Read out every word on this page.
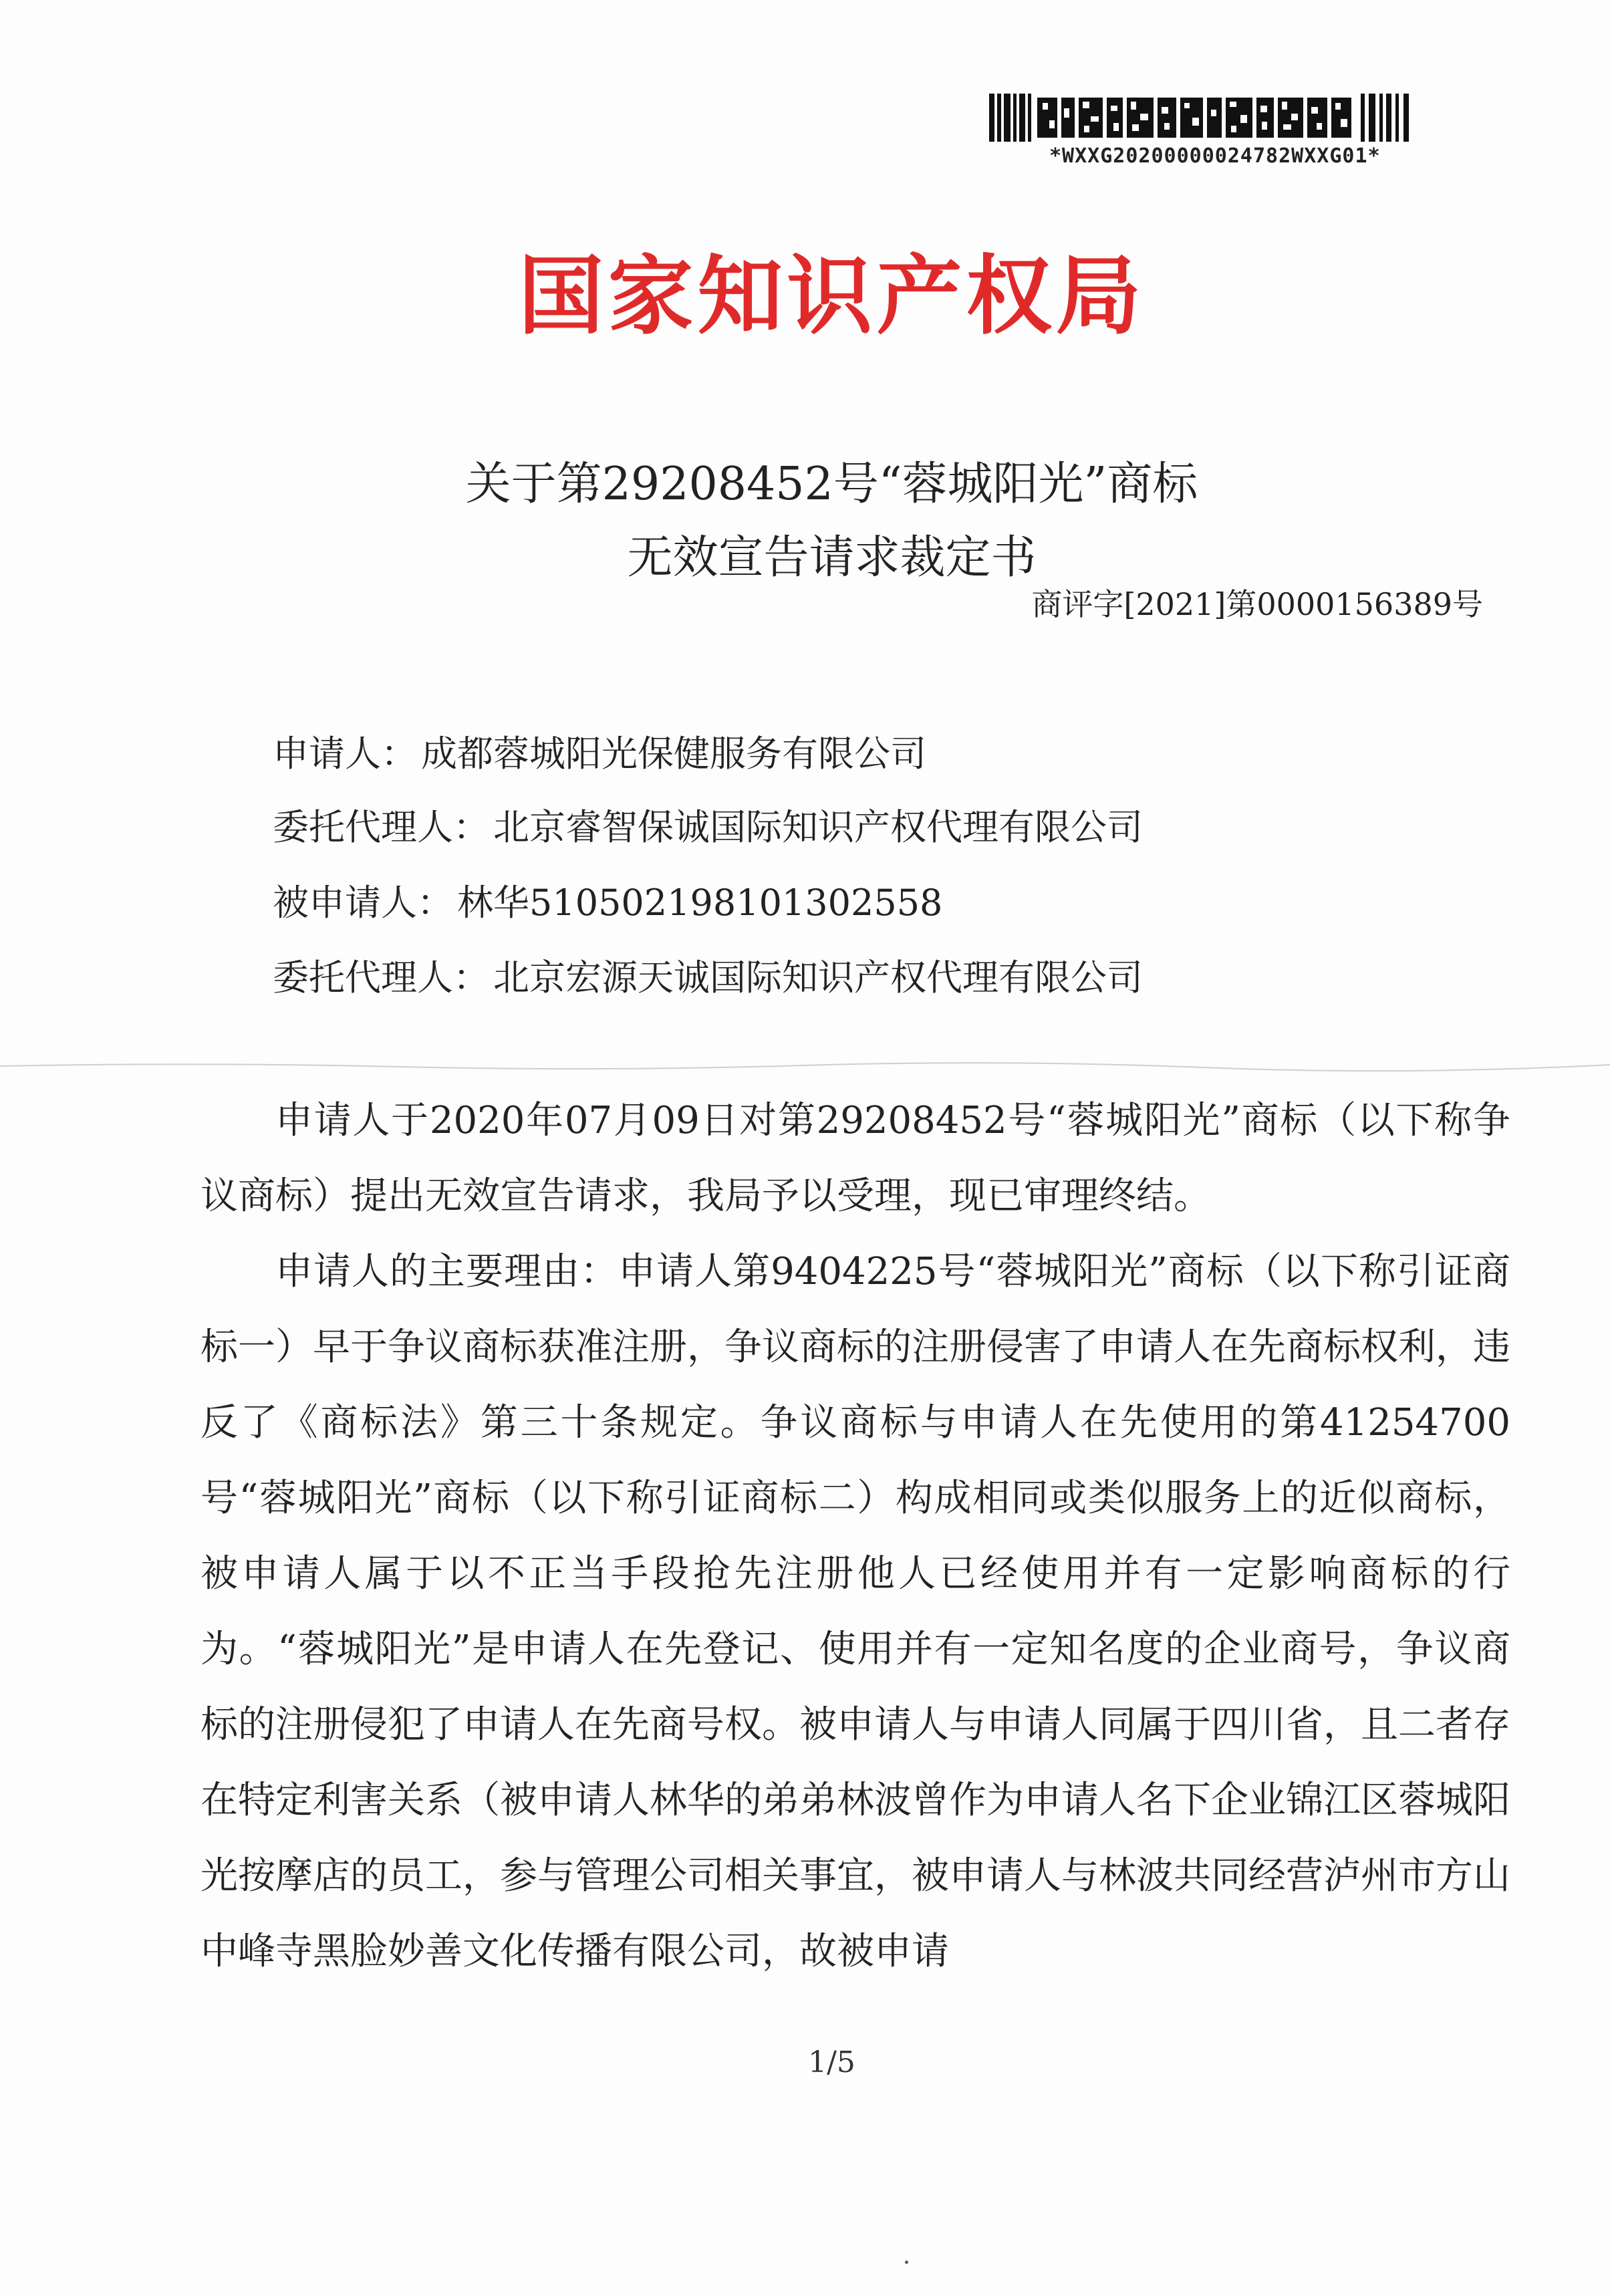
*WXXG20200000024782WXXG01*
国家知识产权局
关于第29208452号“蓉城阳光”商标
无效宣告请求裁定书
商评字[2021]第0000156389号
申请人： 成都蓉城阳光保健服务有限公司
委托代理人： 北京睿智保诚国际知识产权代理有限公司
被申请人： 林华510502198101302558
委托代理人： 北京宏源天诚国际知识产权代理有限公司

申请人于2020年07月09日对第29208452号“蓉城阳光”商标（以下称争议商标）提出无效宣告请求，我局予以受理，现已审理终结。

申请人的主要理由：申请人第9404225号“蓉城阳光”商标（以下称引证商标一）早于争议商标获准注册，争议商标的注册侵害了申请人在先商标权利，违反了《商标法》第三十条规定。争议商标与申请人在先使用的第41254700号“蓉城阳光”商标（以下称引证商标二）构成相同或类似服务上的近似商标，被申请人属于以不正当手段抢先注册他人已经使用并有一定影响商标的行为。“蓉城阳光”是申请人在先登记、使用并有一定知名度的企业商号，争议商标的注册侵犯了申请人在先商号权。被申请人与申请人同属于四川省，且二者存在特定利害关系（被申请人林华的弟弟林波曾作为申请人名下企业锦江区蓉城阳光按摩店的员工，参与管理公司相关事宜，被申请人与林波共同经营泸州市方山中峰寺黑脸妙善文化传播有限公司，故被申请

1/5
